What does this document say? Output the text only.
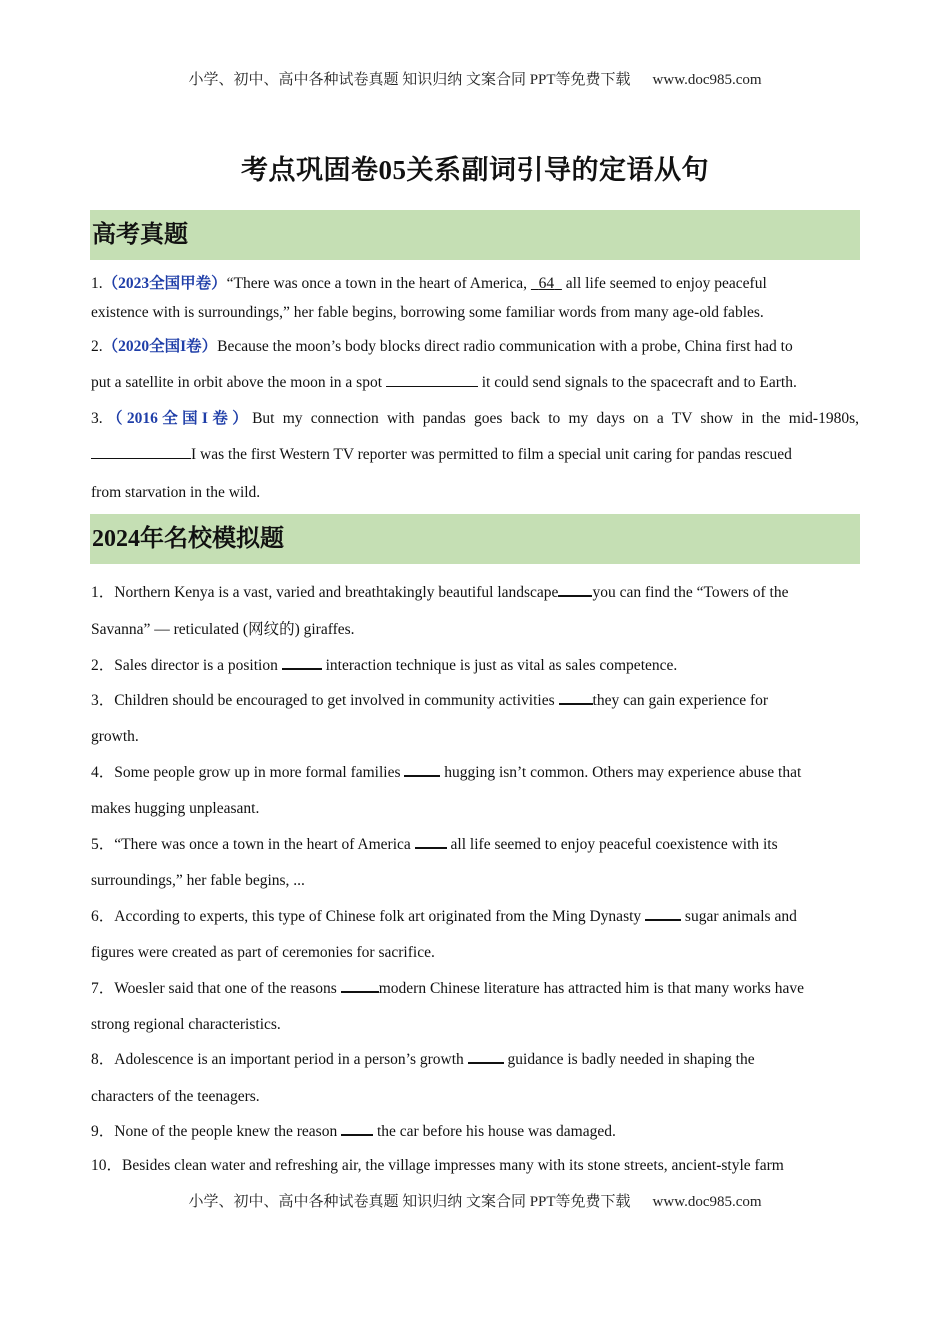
小学、初中、高中各种试卷真题 知识归纳 文案合同 PPT等免费下载 www.doc985.com
考点巩固卷05关系副词引导的定语从句
高考真题
1.（2023全国甲卷）“There was once a town in the heart of America, 64 all life seemed to enjoy peaceful
existence with is surroundings,” her fable begins, borrowing some familiar words from many age-old fables.
2.（2020全国I卷）Because the moon’s body blocks direct radio communication with a probe, China first had to
put a satellite in orbit above the moon in a spot	it could send signals to the spacecraft and to Earth.
3.（2016全国I卷）But my connection with pandas goes back to my days on a TV show in the mid-1980s,
I was the first Western TV reporter was permitted to film a special unit caring for pandas rescued
from starvation in the wild.
2024年名校模拟题
1．Northern Kenya is a vast, varied and breathtakingly beautiful landscape you can find the “Towers of the
Savanna” — reticulated (网纹的) giraffes.
2．Sales director is a position	interaction technique is just as vital as sales competence.
3．Children should be encouraged to get involved in community activities they can gain experience for
growth.
4．Some people grow up in more formal families	hugging isn’t common. Others may experience abuse that
makes hugging unpleasant.
5．“There was once a town in the heart of America	all life seemed to enjoy peaceful coexistence with its
surroundings,” her fable begins, ...
6．According to experts, this type of Chinese folk art originated from the Ming Dynasty	sugar animals and
figures were created as part of ceremonies for sacrifice.
7．Woesler said that one of the reasons	modern Chinese literature has attracted him is that many works have
strong regional characteristics.
8．Adolescence is an important period in a person’s growth	guidance is badly needed in shaping the
characters of the teenagers.
9．None of the people knew the reason	the car before his house was damaged.
10．Besides clean water and refreshing air, the village impresses many with its stone streets, ancient-style farm
小学、初中、高中各种试卷真题 知识归纳 文案合同 PPT等免费下载 www.doc985.com
